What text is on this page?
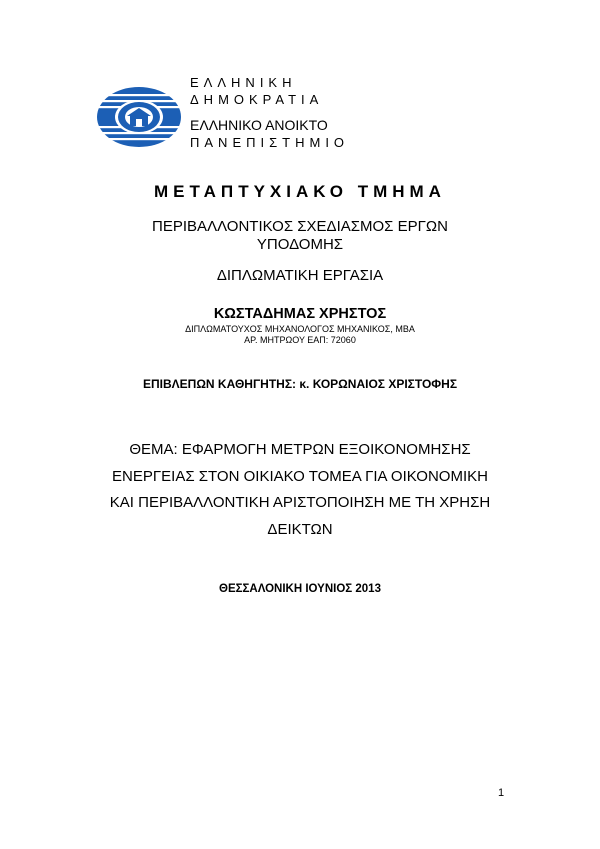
ΕΛΛΗΝΙΚΗ
ΔΗΜΟΚΡΑΤΙΑ
ΕΛΛΗΝΙΚΟ ΑΝΟΙΚΤΟ
ΠΑΝΕΠΙΣΤΗΜΙΟ
ΜΕΤΑΠΤΥΧΙΑΚΟ ΤΜΗΜΑ
ΠΕΡΙΒΑΛΛΟΝΤΙΚΟΣ ΣΧΕΔΙΑΣΜΟΣ ΕΡΓΩΝ
ΥΠΟΔΟΜΗΣ
ΔΙΠΛΩΜΑΤΙΚΗ ΕΡΓΑΣΙΑ
ΚΩΣΤΑΔΗΜΑΣ ΧΡΗΣΤΟΣ
ΔΙΠΛΩΜΑΤΟΥΧΟΣ ΜΗΧΑΝΟΛΟΓΟΣ ΜΗΧΑΝΙΚΟΣ, ΜΒΑ
ΑΡ. ΜΗΤΡΩΟΥ ΕΑΠ: 72060
ΕΠΙΒΛΕΠΩΝ ΚΑΘΗΓΗΤΗΣ: κ. ΚΟΡΩΝΑΙΟΣ ΧΡΙΣΤΟΦΗΣ
ΘΕΜΑ: ΕΦΑΡΜΟΓΗ ΜΕΤΡΩΝ ΕΞΟΙΚΟΝΟΜΗΣΗΣ
ΕΝΕΡΓΕΙΑΣ ΣΤΟΝ ΟΙΚΙΑΚΟ ΤΟΜΕΑ ΓΙΑ ΟΙΚΟΝΟΜΙΚΗ
ΚΑΙ ΠΕΡΙΒΑΛΛΟΝΤΙΚΗ ΑΡΙΣΤΟΠΟΙΗΣΗ ΜΕ ΤΗ ΧΡΗΣΗ
ΔΕΙΚΤΩΝ
ΘΕΣΣΑΛΟΝΙΚΗ ΙΟΥΝΙΟΣ 2013
1
